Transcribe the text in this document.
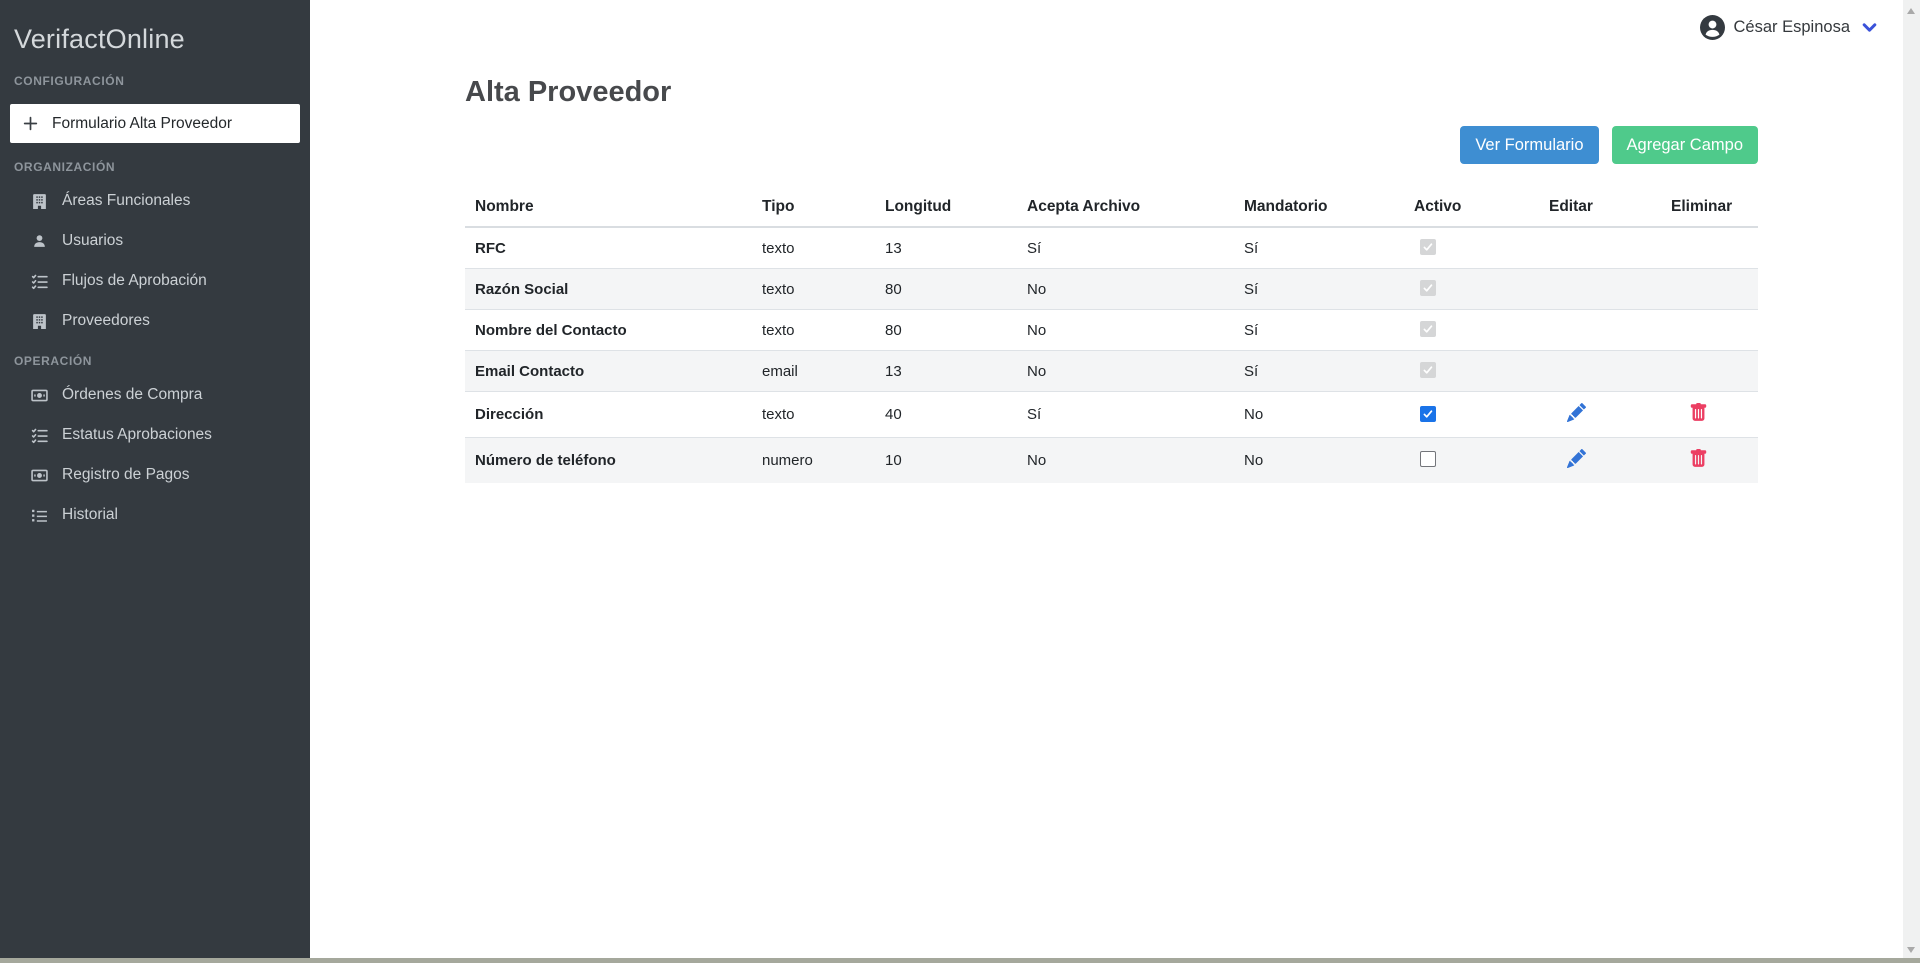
VerifactOnline
CONFIGURACIÓN
Formulario Alta Proveedor
ORGANIZACIÓN
Áreas Funcionales
Usuarios
Flujos de Aprobación
Proveedores
OPERACIÓN
Órdenes de Compra
Estatus Aprobaciones
Registro de Pagos
Historial
César Espinosa
Alta Proveedor
Ver Formulario	Agregar Campo
Nombre	Tipo	Longitud	Acepta Archivo	Mandatorio	Activo	Editar	Eliminar
RFC	texto	13	Sí	Sí	

Razón Social	texto	80	No	Sí	

Nombre del Contacto	texto	80	No	Sí	

Email Contacto	email	13	No	Sí	

Dirección	texto	40	Sí	No	

Número de teléfono	numero	10	No	No		
